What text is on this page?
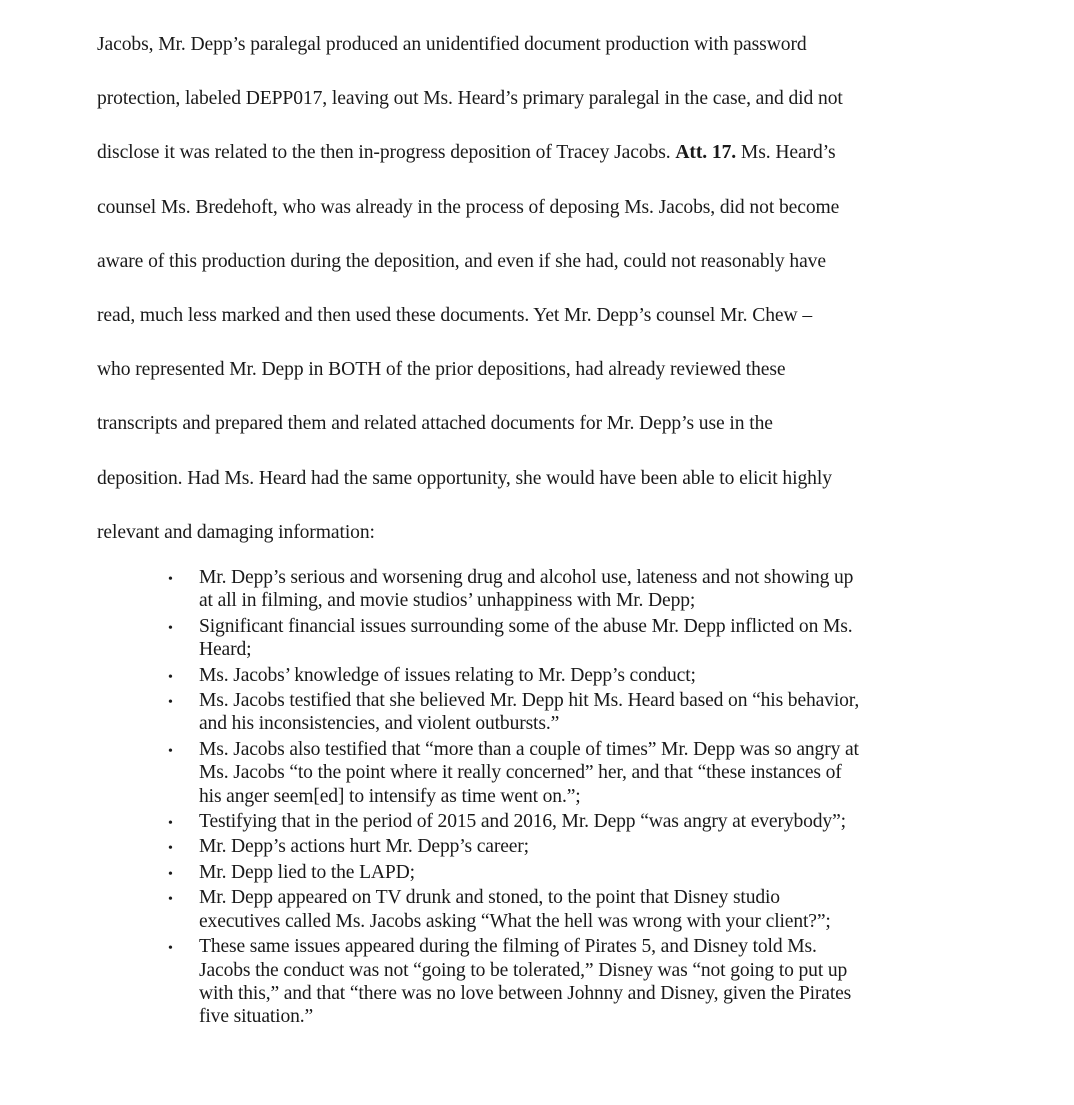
Jacobs, Mr. Depp’s paralegal produced an unidentified document production with password
protection, labeled DEPP017, leaving out Ms. Heard’s primary paralegal in the case, and did not
disclose it was related to the then in-progress deposition of Tracey Jacobs. Att. 17. Ms. Heard’s
counsel Ms. Bredehoft, who was already in the process of deposing Ms. Jacobs, did not become
aware of this production during the deposition, and even if she had, could not reasonably have
read, much less marked and then used these documents. Yet Mr. Depp’s counsel Mr. Chew –
who represented Mr. Depp in BOTH of the prior depositions, had already reviewed these
transcripts and prepared them and related attached documents for Mr. Depp’s use in the
deposition. Had Ms. Heard had the same opportunity, she would have been able to elicit highly
relevant and damaging information:
• Mr. Depp’s serious and worsening drug and alcohol use, lateness and not showing up
at all in filming, and movie studios’ unhappiness with Mr. Depp;
• Significant financial issues surrounding some of the abuse Mr. Depp inflicted on Ms.
Heard;
• Ms. Jacobs’ knowledge of issues relating to Mr. Depp’s conduct;
• Ms. Jacobs testified that she believed Mr. Depp hit Ms. Heard based on “his behavior,
and his inconsistencies, and violent outbursts.”
• Ms. Jacobs also testified that “more than a couple of times” Mr. Depp was so angry at
Ms. Jacobs “to the point where it really concerned” her, and that “these instances of
his anger seem[ed] to intensify as time went on.”;
• Testifying that in the period of 2015 and 2016, Mr. Depp “was angry at everybody”;
• Mr. Depp’s actions hurt Mr. Depp’s career;
• Mr. Depp lied to the LAPD;
• Mr. Depp appeared on TV drunk and stoned, to the point that Disney studio
executives called Ms. Jacobs asking “What the hell was wrong with your client?”;
• These same issues appeared during the filming of Pirates 5, and Disney told Ms.
Jacobs the conduct was not “going to be tolerated,” Disney was “not going to put up
with this,” and that “there was no love between Johnny and Disney, given the Pirates
five situation.”
